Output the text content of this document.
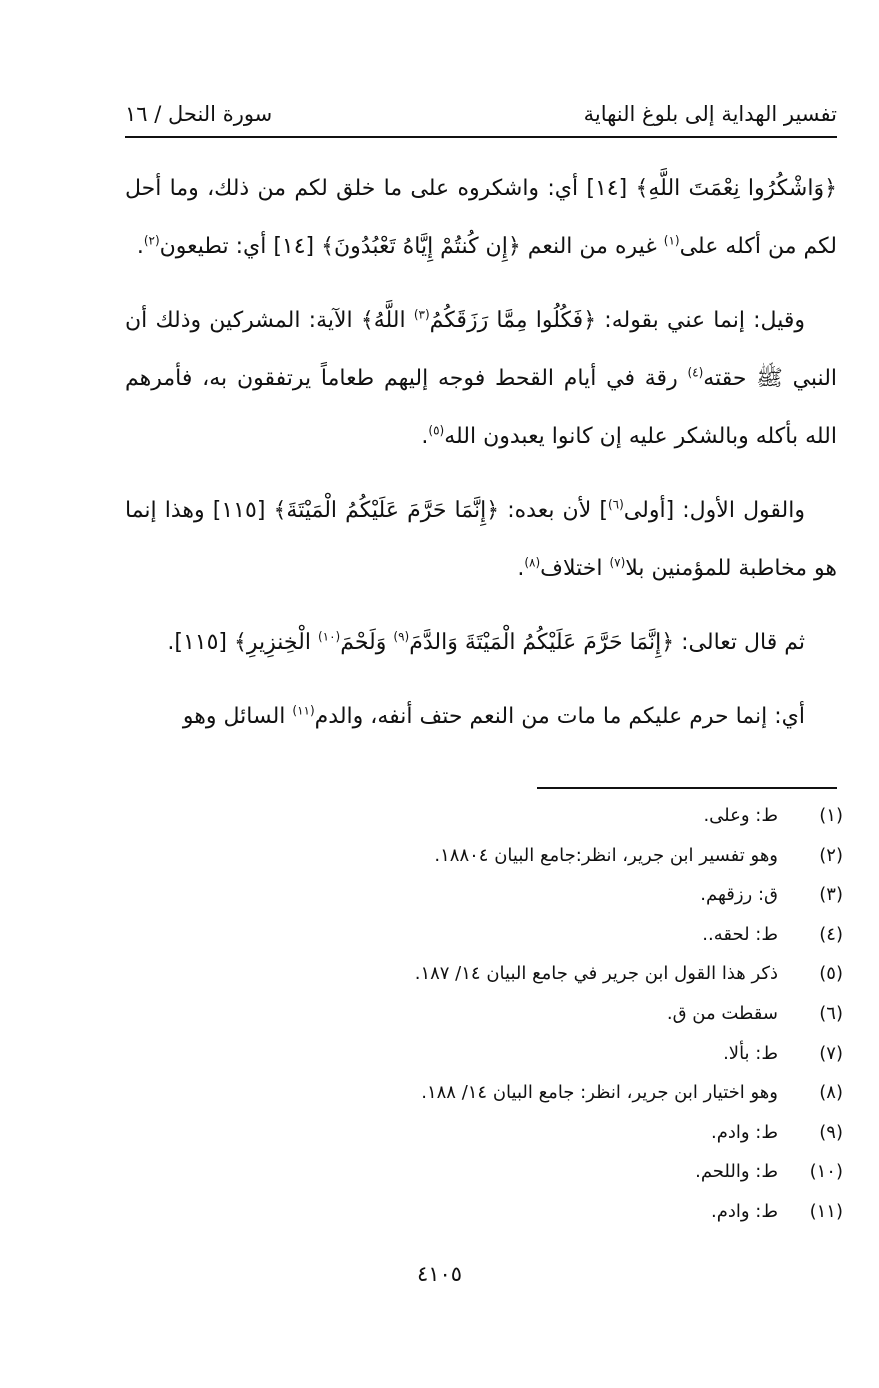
تفسير الهداية إلى بلوغ النهاية
سورة النحل / ١٦

﴿وَاشْكُرُوا نِعْمَتَ اللَّهِ﴾ [١٤] أي: واشكروه على ما خلق لكم من ذلك، وما أحل لكم من أكله على$^{(١)}$ غيره من النعم ﴿إِن كُنتُمْ إِيَّاهُ تَعْبُدُونَ﴾ [١٤] أي: تطيعون$^{(٢)}$.

وقيل: إنما عني بقوله: ﴿فَكُلُوا مِمَّا رَزَقَكُمُ$^{(٣)}$ اللَّهُ﴾ الآية: المشركين وذلك أن النبي ﷺ حقته$^{(٤)}$ رقة في أيام القحط فوجه إليهم طعاماً يرتفقون به، فأمرهم الله بأكله وبالشكر عليه إن كانوا يعبدون الله$^{(٥)}$.

والقول الأول: [أولى$^{(٦)}$] لأن بعده: ﴿إِنَّمَا حَرَّمَ عَلَيْكُمُ الْمَيْتَةَ﴾ [١١٥] وهذا إنما هو مخاطبة للمؤمنين بلا$^{(٧)}$ اختلاف$^{(٨)}$.

ثم قال تعالى: ﴿إِنَّمَا حَرَّمَ عَلَيْكُمُ الْمَيْتَةَ وَالدَّمَ$^{(٩)}$ وَلَحْمَ$^{(١٠)}$ الْخِنزِيرِ﴾ [١١٥].

أي: إنما حرم عليكم ما مات من النعم حتف أنفه، والدم$^{(١١)}$ السائل وهو

(١)
ط: وعلى.
(٢)
وهو تفسير ابن جرير، انظر:جامع البيان ١٨٨٠٤.
(٣)
ق: رزقهم.
(٤)
ط: لحقه..
(٥)
ذكر هذا القول ابن جرير في جامع البيان ١٤/ ١٨٧.
(٦)
سقطت من ق.
(٧)
ط: بألا.
(٨)
وهو اختيار ابن جرير، انظر: جامع البيان ١٤/ ١٨٨.
(٩)
ط: وادم.
(١٠)
ط: واللحم.
(١١)
ط: وادم.
٤١٠٥
